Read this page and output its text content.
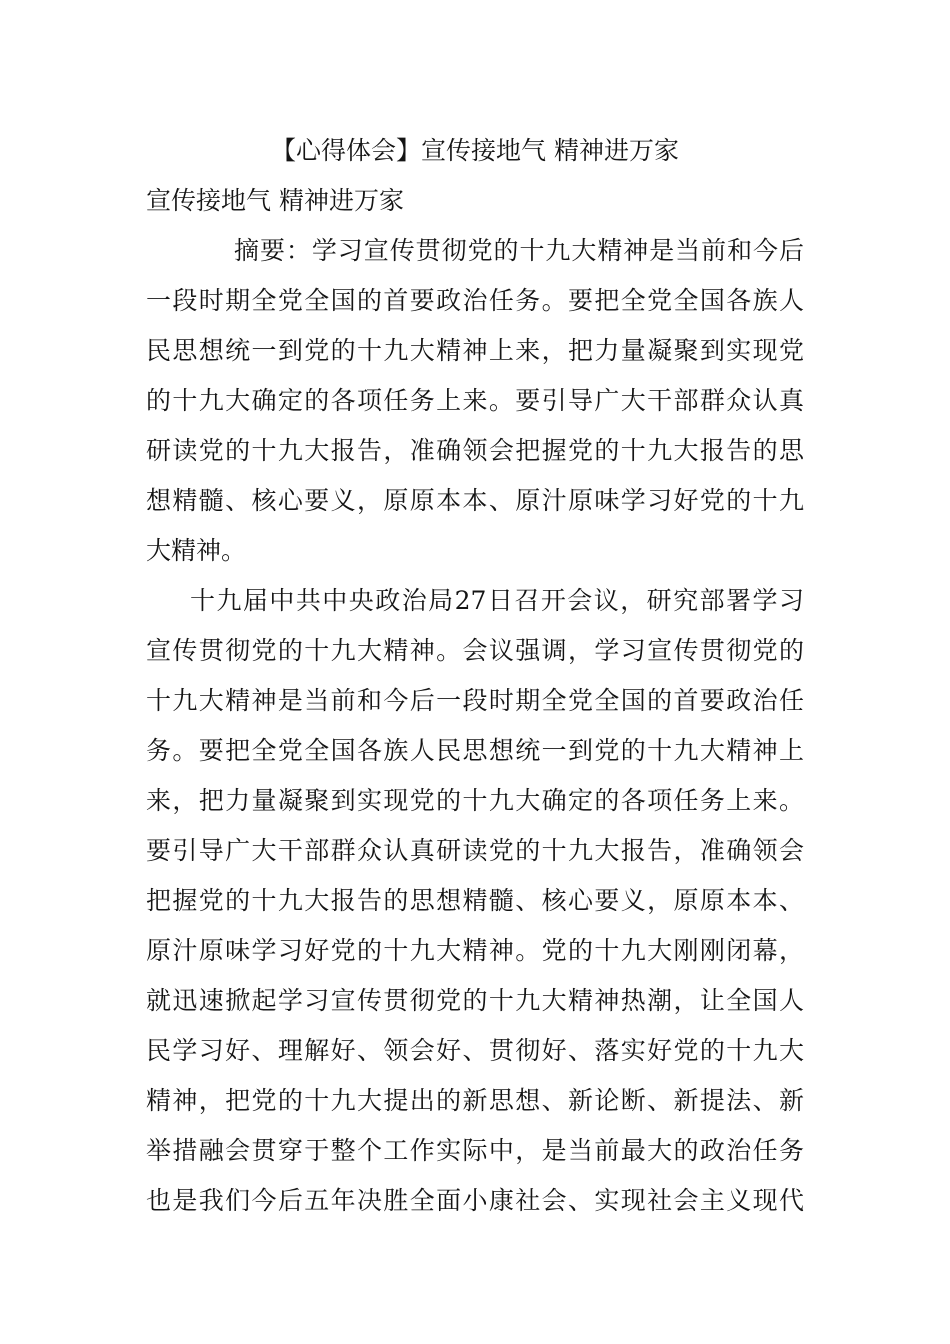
【心得体会】宣传接地气 精神进万家
宣传接地气 精神进万家
摘要：学习宣传贯彻党的十九大精神是当前和今后
一段时期全党全国的首要政治任务。要把全党全国各族人
民思想统一到党的十九大精神上来，把力量凝聚到实现党
的十九大确定的各项任务上来。要引导广大干部群众认真
研读党的十九大报告，准确领会把握党的十九大报告的思
想精髓、核心要义，原原本本、原汁原味学习好党的十九
大精神。
十九届中共中央政治局27日召开会议，研究部署学习
宣传贯彻党的十九大精神。会议强调，学习宣传贯彻党的
十九大精神是当前和今后一段时期全党全国的首要政治任
务。要把全党全国各族人民思想统一到党的十九大精神上
来，把力量凝聚到实现党的十九大确定的各项任务上来。
要引导广大干部群众认真研读党的十九大报告，准确领会
把握党的十九大报告的思想精髓、核心要义，原原本本、
原汁原味学习好党的十九大精神。党的十九大刚刚闭幕，
就迅速掀起学习宣传贯彻党的十九大精神热潮，让全国人
民学习好、理解好、领会好、贯彻好、落实好党的十九大
精神，把党的十九大提出的新思想、新论断、新提法、新
举措融会贯穿于整个工作实际中，是当前最大的政治任务
也是我们今后五年决胜全面小康社会、实现社会主义现代
